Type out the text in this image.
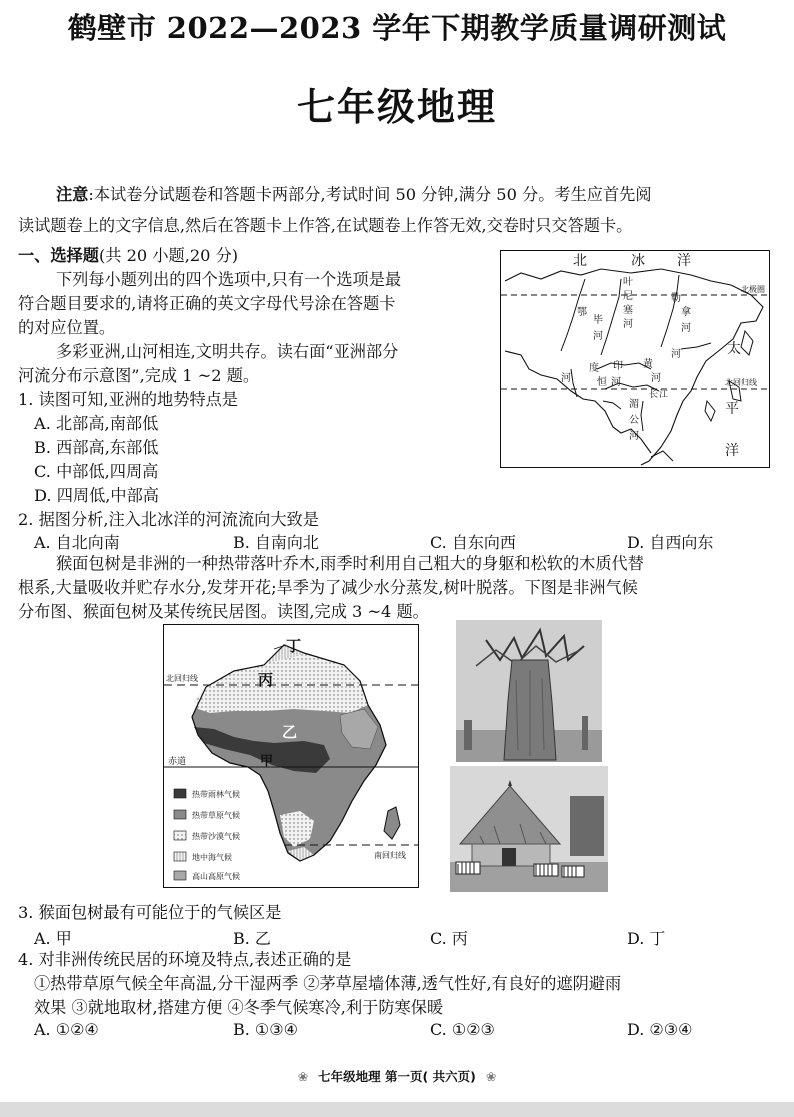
鹤壁市 2022—2023 学年下期教学质量调研测试
七年级地理
注意:本试卷分试题卷和答题卡两部分,考试时间 50 分钟,满分 50 分。考生应首先阅
读试题卷上的文字信息,然后在答题卡上作答,在试题卷上作答无效,交卷时只交答题卡。
一、选择题(共 20 小题,20 分)
下列每小题列出的四个选项中,只有一个选项是最
符合题目要求的,请将正确的英文字母代号涂在答题卡
的对应位置。
多彩亚洲,山河相连,文明共存。读右面“亚洲部分
河流分布示意图”,完成 1 ~2 题。
1. 读图可知,亚洲的地势特点是
A. 北部高,南部低
B. 西部高,东部低
C. 中部低,四周高
D. 四周低,中部高
2. 据图分析,注入北冰洋的河流流向大致是
A. 自北向南	B. 自南向北	C. 自东向西	D. 自西向东
猴面包树是非洲的一种热带落叶乔木,雨季时利用自己粗大的身躯和松软的木质代替
根系,大量吸收并贮存水分,发芽开花;旱季为了减少水分蒸发,树叶脱落。下图是非洲气候
分布图、猴面包树及某传统民居图。读图,完成 3 ~4 题。
北	冰 洋
北极圈
北回归线
太
平
洋
鄂
毕
河
叶
尼
塞
河
勒
拿
河
河
度 印
恒 河
黄
河
长 江
湄
公
河
河
北回归线
赤道
南回归线
丁
丙
乙
甲
热带雨林气候
热带草原气候
热带沙漠气候
地中海气候
高山高原气候
3. 猴面包树最有可能位于的气候区是
A. 甲	B. 乙	C. 丙	D. 丁
4. 对非洲传统民居的环境及特点,表述正确的是
①热带草原气候全年高温,分干湿两季 ②茅草屋墙体薄,透气性好,有良好的遮阴避雨
效果 ③就地取材,搭建方便 ④冬季气候寒冷,利于防寒保暖
A. ①②④	B. ①③④	C. ①②③	D. ②③④
❀ 七年级地理 第一页( 共六页) ❀
